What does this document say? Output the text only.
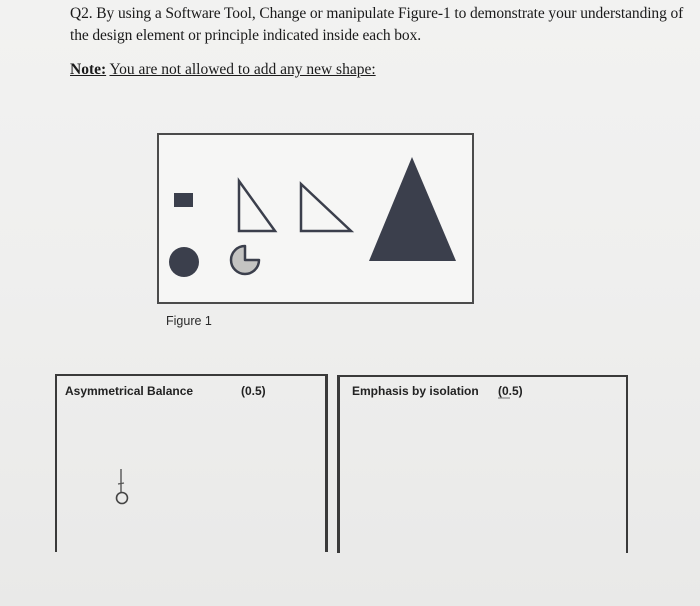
Q2. By using a Software Tool, Change or manipulate Figure-1 to demonstrate your understanding of the design element or principle indicated inside each box.
Note: You are not allowed to add any new shape:
Figure 1
Asymmetrical Balance	(0.5)	Emphasis by isolation (0.5)
